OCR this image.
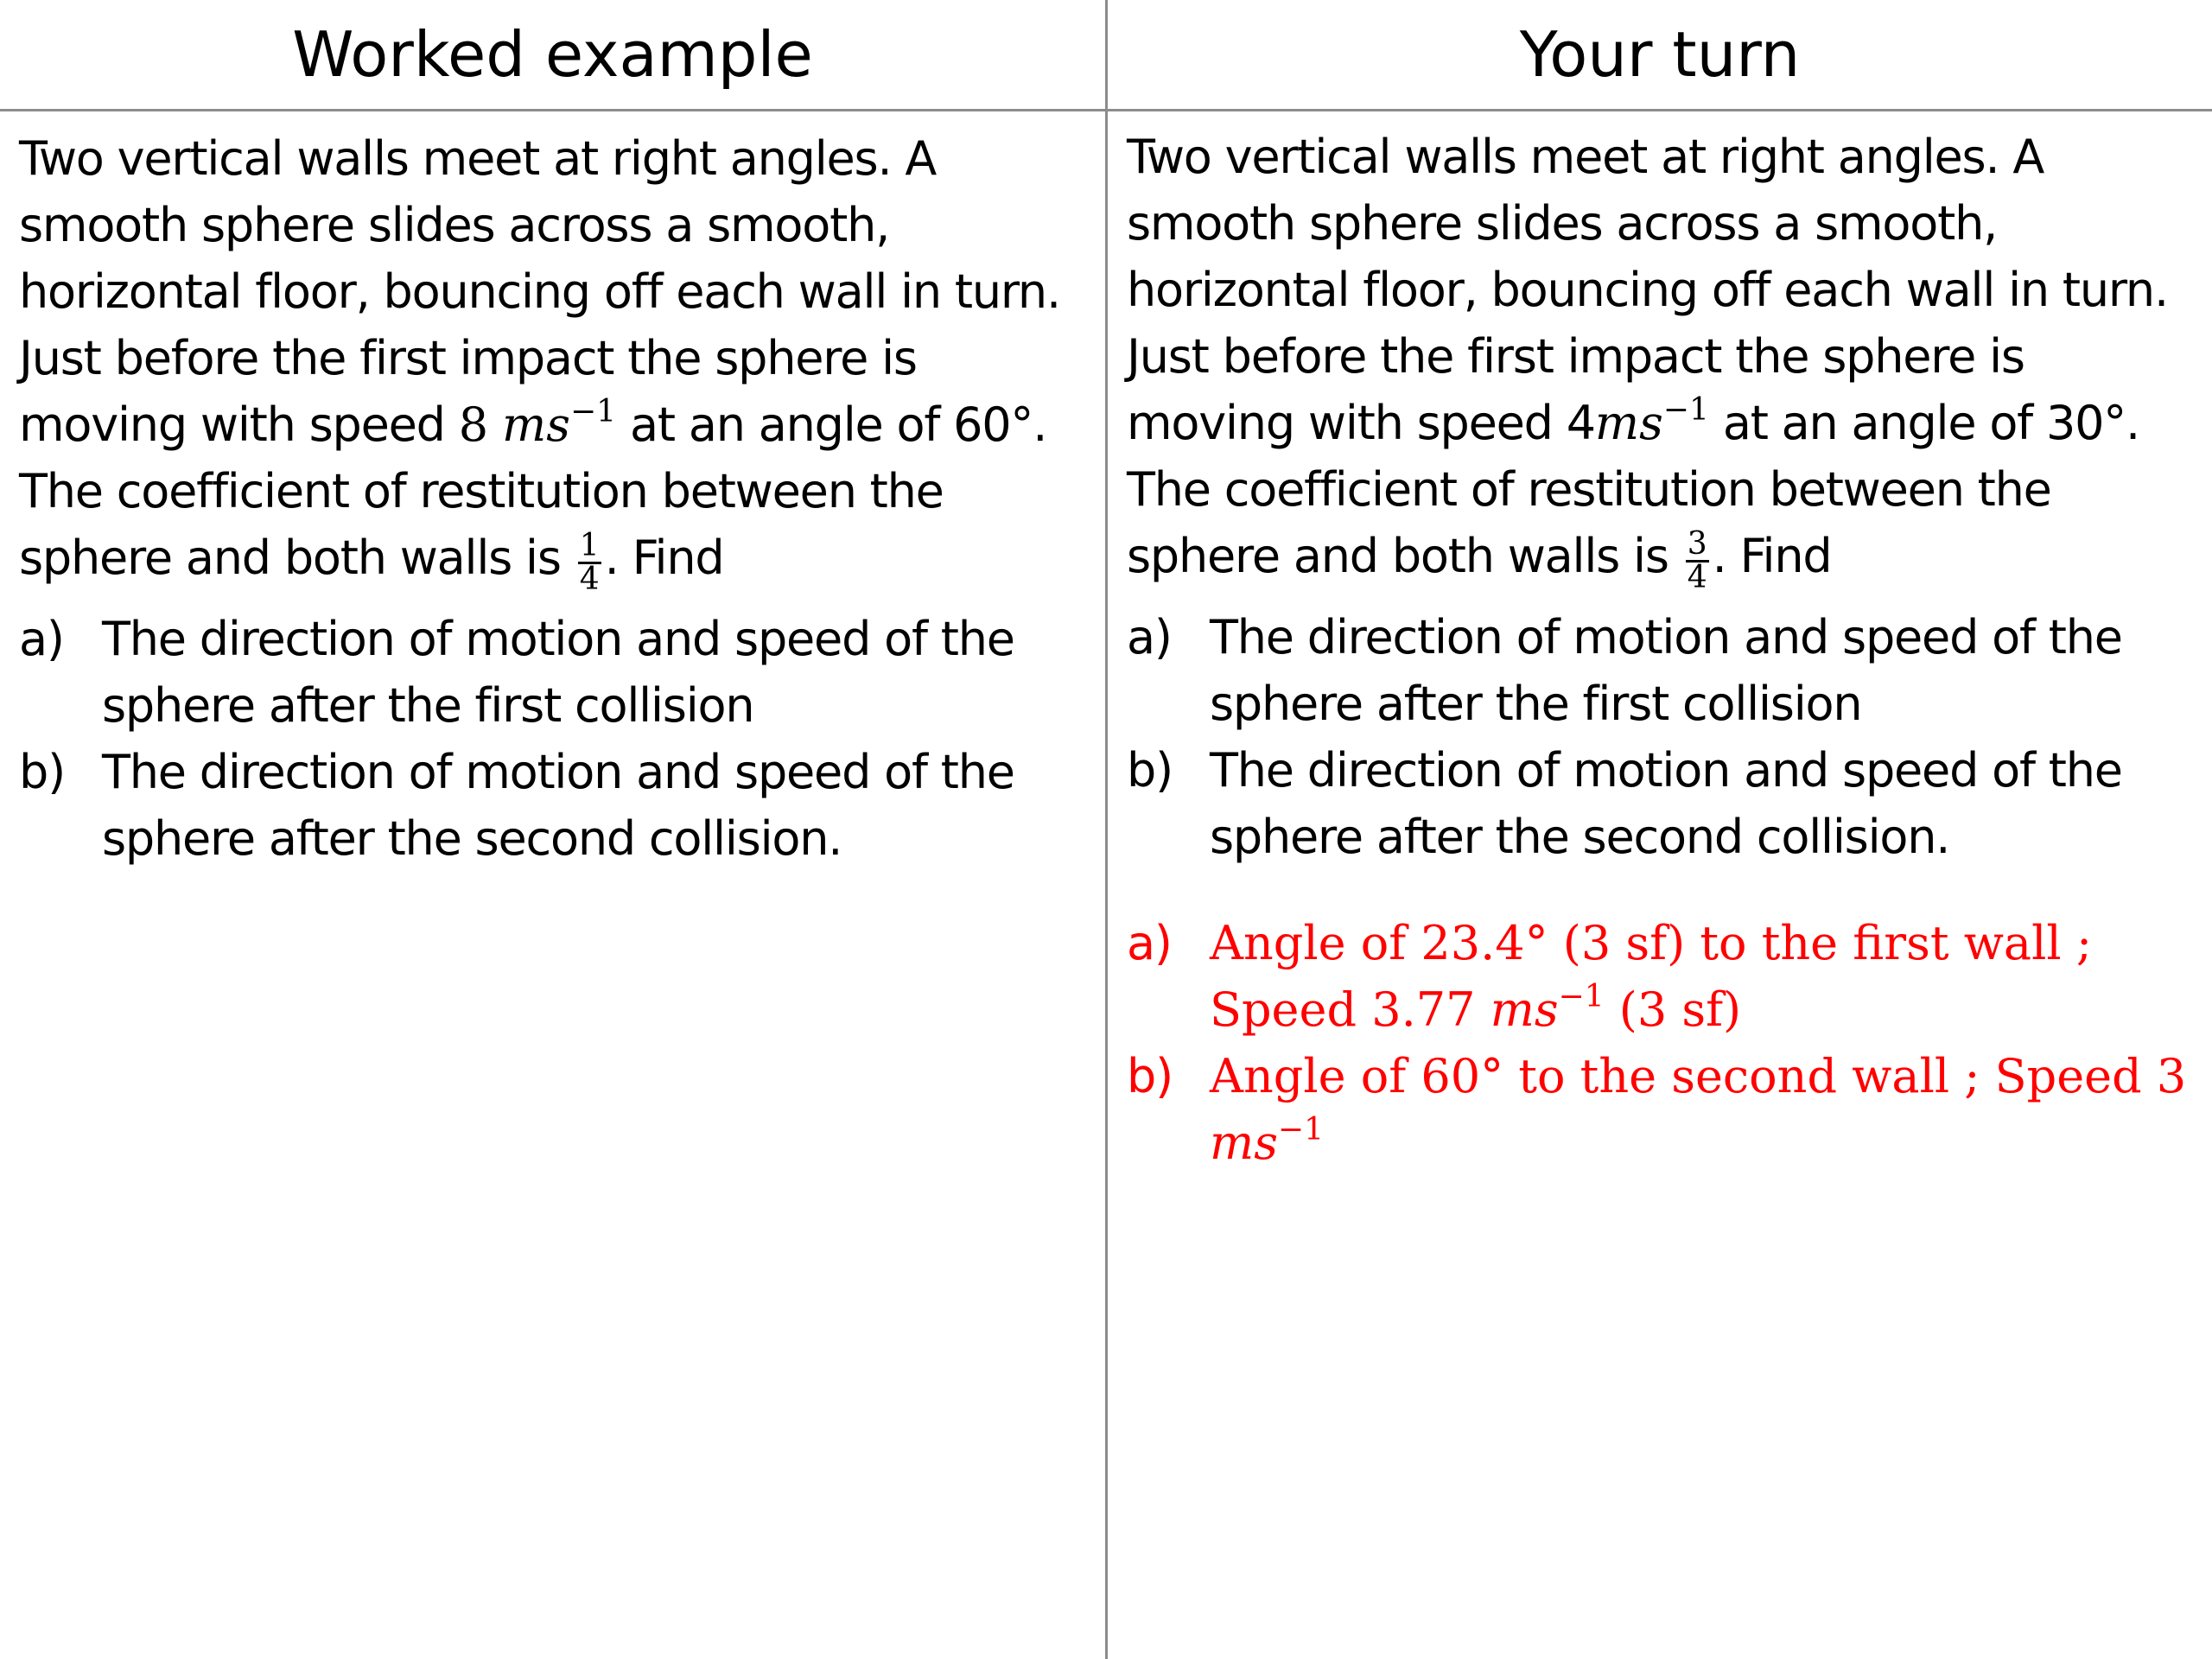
Worked example

Two vertical walls meet at right angles. A smooth sphere slides across a smooth, horizontal floor, bouncing off each wall in turn. Just before the first impact the sphere is moving with speed 8 $ms^{-1}$ at an angle of 60°. The coefficient of restitution between the sphere and both walls is $\frac{1}{4}$ . Find

a) The direction of motion and speed of the sphere after the first collision
b) The direction of motion and speed of the sphere after the second collision.
Your turn

Two vertical walls meet at right angles. A smooth sphere slides across a smooth, horizontal floor, bouncing off each wall in turn. Just before the first impact the sphere is moving with speed $4ms^{-1}$ at an angle of 30°. The coefficient of restitution between the sphere and both walls is $\frac{3}{4}$ . Find

a) The direction of motion and speed of the sphere after the first collision
b) The direction of motion and speed of the sphere after the second collision.
a) Angle of 23.4° (3 sf) to the first wall ; Speed 3.77 $ms^{-1}$ (3 sf)
b) Angle of 60° to the second wall ; Speed 3 $ms^{-1}$
